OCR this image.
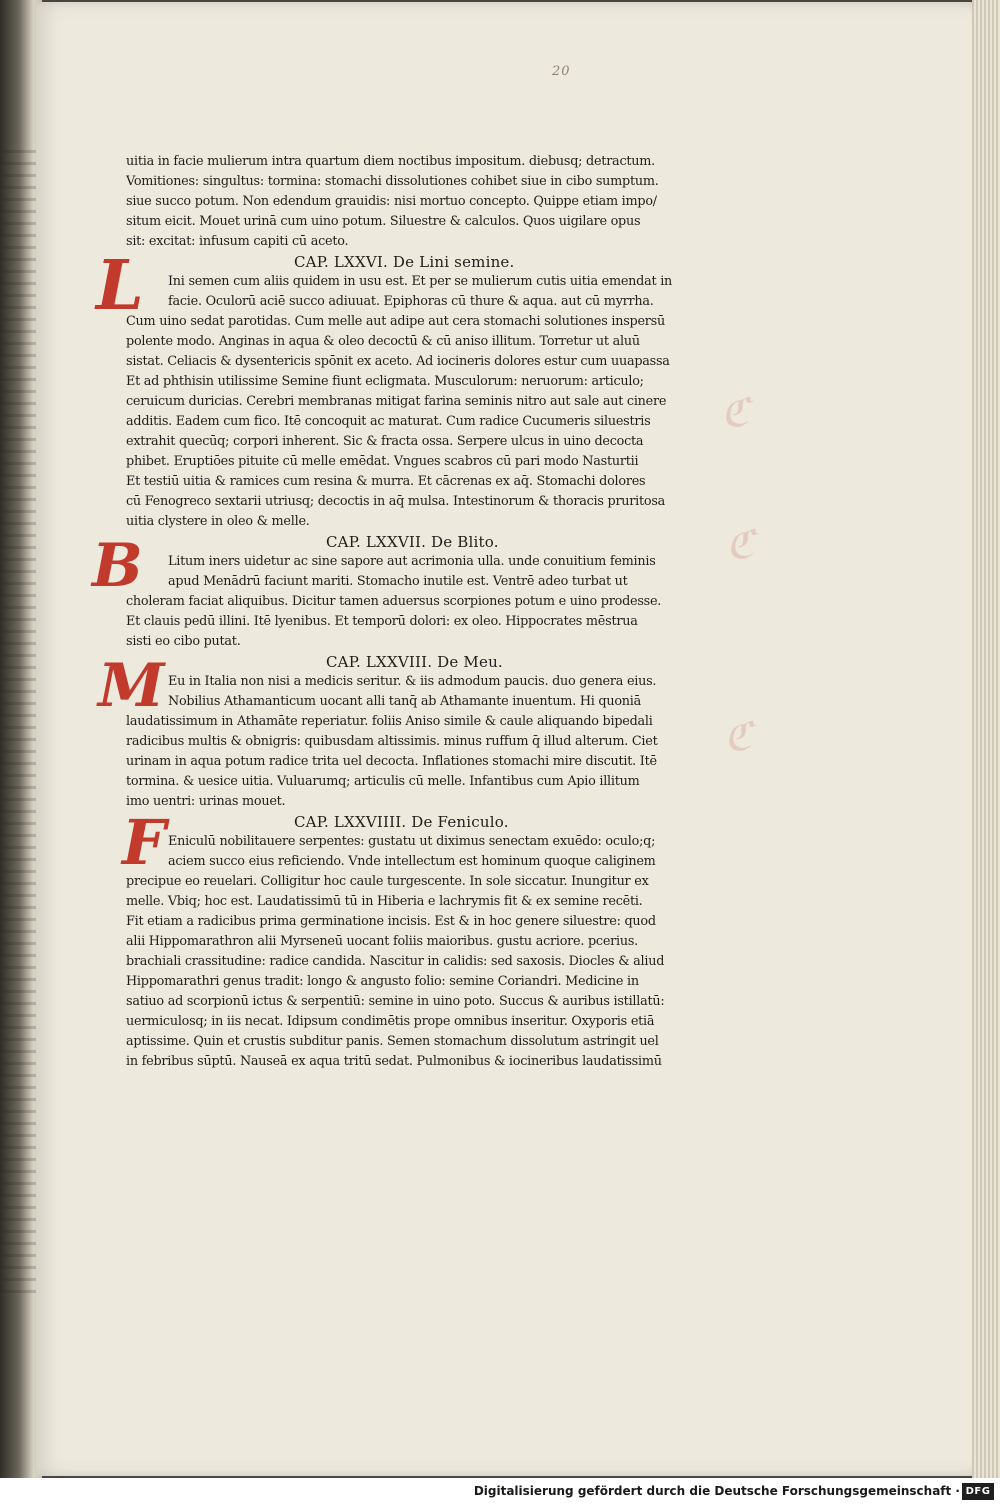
20
ℭ
ℭ
ℭ
uitia in facie mulierum intra quartum diem noctibus impositum. diebusq; detractum.
Vomitiones: singultus: tormina: stomachi dissolutiones cohibet siue in cibo sumptum.
siue succo potum. Non edendum grauidis: nisi mortuo concepto. Quippe etiam impo/
situm eicit. Mouet urinā cum uino potum. Siluestre & calculos. Quos uigilare opus
sit: excitat: infusum capiti cū aceto.
L	CAP. LXXVI. De Lini semine.
Ini semen cum aliis quidem in usu est. Et per se mulierum cutis uitia emendat in
facie. Oculorū aciē succo adiuuat. Epiphoras cū thure & aqua. aut cū myrrha.
Cum uino sedat parotidas. Cum melle aut adipe aut cera stomachi solutiones inspersū
polente modo. Anginas in aqua & oleo decoctū & cū aniso illitum. Torretur ut aluū
sistat. Celiacis & dysentericis spōnit ex aceto. Ad iocineris dolores estur cum uuapassa
Et ad phthisin utilissime Semine fiunt ecligmata. Musculorum: neruorum: articulo;
ceruicum duricias. Cerebri membranas mitigat farina seminis nitro aut sale aut cinere
additis. Eadem cum fico. Itē concoquit ac maturat. Cum radice Cucumeris siluestris
extrahit quecūq; corpori inherent. Sic & fracta ossa. Serpere ulcus in uino decocta
phibet. Eruptiōes pituite cū melle emēdat. Vngues scabros cū pari modo Nasturtii
Et testiū uitia & ramices cum resina & murra. Et cācrenas ex aq̄. Stomachi dolores
cū Fenogreco sextarii utriusq; decoctis in aq̄ mulsa. Intestinorum & thoracis pruritosa
uitia clystere in oleo & melle.
B	CAP. LXXVII. De Blito.
Litum iners uidetur ac sine sapore aut acrimonia ulla. unde conuitium feminis
apud Menādrū faciunt mariti. Stomacho inutile est. Ventrē adeo turbat ut
choleram faciat aliquibus. Dicitur tamen aduersus scorpiones potum e uino prodesse.
Et clauis pedū illini. Itē lyenibus. Et temporū dolori: ex oleo. Hippocrates mēstrua
sisti eo cibo putat.
M	CAP. LXXVIII. De Meu.
Eu in Italia non nisi a medicis seritur. & iis admodum paucis. duo genera eius.
Nobilius Athamanticum uocant alli tanq̄ ab Athamante inuentum. Hi quoniā
laudatissimum in Athamāte reperiatur. foliis Aniso simile & caule aliquando bipedali
radicibus multis & obnigris: quibusdam altissimis. minus ruffum q̄ illud alterum. Ciet
urinam in aqua potum radice trita uel decocta. Inflationes stomachi mire discutit. Itē
tormina. & uesice uitia. Vuluarumq; articulis cū melle. Infantibus cum Apio illitum
imo uentri: urinas mouet.
F	CAP. LXXVIIII. De Feniculo.
Eniculū nobilitauere serpentes: gustatu ut diximus senectam exuēdo: oculo;q;
aciem succo eius reficiendo. Vnde intellectum est hominum quoque caliginem
precipue eo reuelari. Colligitur hoc caule turgescente. In sole siccatur. Inungitur ex
melle. Vbiq; hoc est. Laudatissimū tū in Hiberia e lachrymis fit & ex semine recēti.
Fit etiam a radicibus prima germinatione incisis. Est & in hoc genere siluestre: quod
alii Hippomarathron alii Myrseneū uocant foliis maioribus. gustu acriore. pcerius.
brachiali crassitudine: radice candida. Nascitur in calidis: sed saxosis. Diocles & aliud
Hippomarathri genus tradit: longo & angusto folio: semine Coriandri. Medicine in
satiuo ad scorpionū ictus & serpentiū: semine in uino poto. Succus & auribus istillatū:
uermiculosq; in iis necat. Idipsum condimētis prope omnibus inseritur. Oxyporis etiā
aptissime. Quin et crustis subditur panis. Semen stomachum dissolutum astringit uel
in febribus sūptū. Nauseā ex aqua tritū sedat. Pulmonibus & iocineribus laudatissimū
Digitalisierung gefördert durch die Deutsche Forschungsgemeinschaft · DFG
